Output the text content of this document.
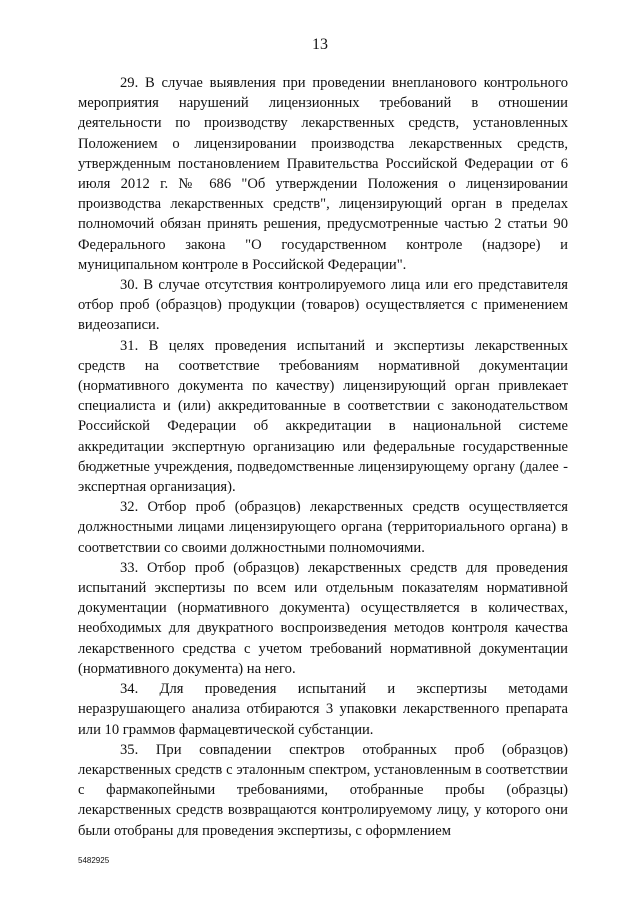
13

29. В случае выявления при проведении внепланового контрольного мероприятия нарушений лицензионных требований в отношении деятельности по производству лекарственных средств, установленных Положением о лицензировании производства лекарственных средств, утвержденным постановлением Правительства Российской Федерации от 6 июля 2012 г. № 686 "Об утверждении Положения о лицензировании производства лекарственных средств", лицензирующий орган в пределах полномочий обязан принять решения, предусмотренные частью 2 статьи 90 Федерального закона "О государственном контроле (надзоре) и муниципальном контроле в Российской Федерации".

30. В случае отсутствия контролируемого лица или его представителя отбор проб (образцов) продукции (товаров) осуществляется с применением видеозаписи.

31. В целях проведения испытаний и экспертизы лекарственных средств на соответствие требованиям нормативной документации (нормативного документа по качеству) лицензирующий орган привлекает специалиста и (или) аккредитованные в соответствии с законодательством Российской Федерации об аккредитации в национальной системе аккредитации экспертную организацию или федеральные государственные бюджетные учреждения, подведомственные лицензирующему органу (далее - экспертная организация).

32. Отбор проб (образцов) лекарственных средств осуществляется должностными лицами лицензирующего органа (территориального органа) в соответствии со своими должностными полномочиями.

33. Отбор проб (образцов) лекарственных средств для проведения испытаний экспертизы по всем или отдельным показателям нормативной документации (нормативного документа) осуществляется в количествах, необходимых для двукратного воспроизведения методов контроля качества лекарственного средства с учетом требований нормативной документации (нормативного документа) на него.

34. Для проведения испытаний и экспертизы методами неразрушающего анализа отбираются 3 упаковки лекарственного препарата или 10 граммов фармацевтической субстанции.

35. При совпадении спектров отобранных проб (образцов) лекарственных средств с эталонным спектром, установленным в соответствии с фармакопейными требованиями, отобранные пробы (образцы) лекарственных средств возвращаются контролируемому лицу, у которого они были отобраны для проведения экспертизы, с оформлением

5482925
